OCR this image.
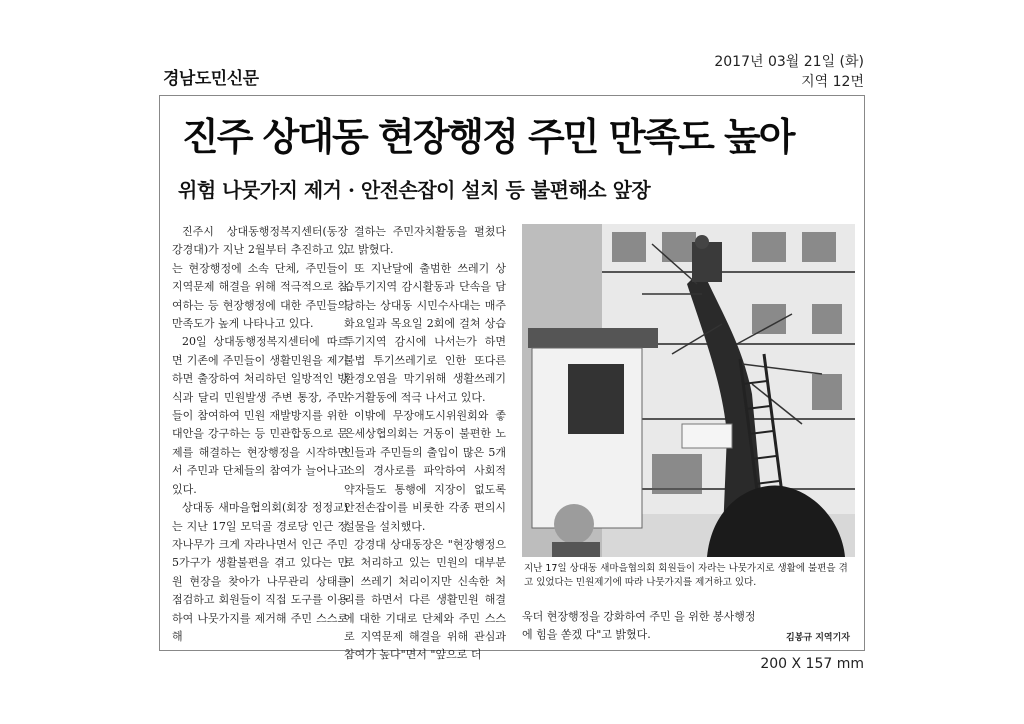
경남도민신문
2017년 03월 21일 (화)
지역 12면
진주 상대동 현장행정 주민 만족도 높아
위험 나뭇가지 제거 · 안전손잡이 설치 등 불편해소 앞장

진주시 상대동행정복지센터(동장 강경대)가 지난 2월부터 추진하고 있는 현장행정에 소속 단체, 주민들이 지역문제 해결을 위해 적극적으로 참여하는 등 현장행정에 대한 주민들의 만족도가 높게 나타나고 있다.

20일 상대동행정복지센터에 따르면 기존에 주민들이 생활민원을 제기하면 출장하여 처리하던 일방적인 방식과 달리 민원발생 주변 통장, 주민들이 참여하여 민원 재발방지를 위한 대안을 강구하는 등 민관합동으로 문제를 해결하는 현장행정을 시작하면서 주민과 단체들의 참여가 늘어나고 있다.

상대동 새마을협의회(회장 정정교)는 지난 17일 모덕골 경로당 인근 정자나무가 크게 자라나면서 인근 주민 5가구가 생활불편을 겪고 있다는 민원 현장을 찾아가 나무관리 상태를 점검하고 회원들이 직접 도구를 이용하여 나뭇가지를 제거해 주민 스스로 해

결하는 주민자치활동을 펼쳤다고 밝혔다.

또 지난달에 출범한 쓰레기 상습투기지역 감시활동과 단속을 담당하는 상대동 시민수사대는 매주 화요일과 목요일 2회에 걸쳐 상습 투기지역 감시에 나서는가 하면 불법 투기쓰레기로 인한 또다른 환경오염을 막기위해 생활쓰레기 수거활동에 적극 나서고 있다.

이밖에 무장애도시위원회와 좋은세상협의회는 거동이 불편한 노인들과 주민들의 출입이 많은 5개소의 경사로를 파악하여 사회적 약자들도 통행에 지장이 없도록 안전손잡이를 비롯한 각종 편의시설물을 설치했다.

강경대 상대동장은 "현장행정으로 처리하고 있는 민원의 대부분이 쓰레기 처리이지만 신속한 처리를 하면서 다른 생활민원 해결에 대한 기대로 단체와 주민 스스로 지역문제 해결을 위해 관심과 참여가 높다"면서 "앞으로 더

지난 17일 상대동 새마을협의회 회원들이 자라는 나뭇가지로 생활에 불편을 겪고 있었다는 민원제기에 따라 나뭇가지를 제거하고 있다.

욱더 현장행정을 강화하여 주민 을 위한 봉사행정에 힘을 쏟겠 다"고 밝혔다.	김봉규 지역기자
200 X 157 mm
